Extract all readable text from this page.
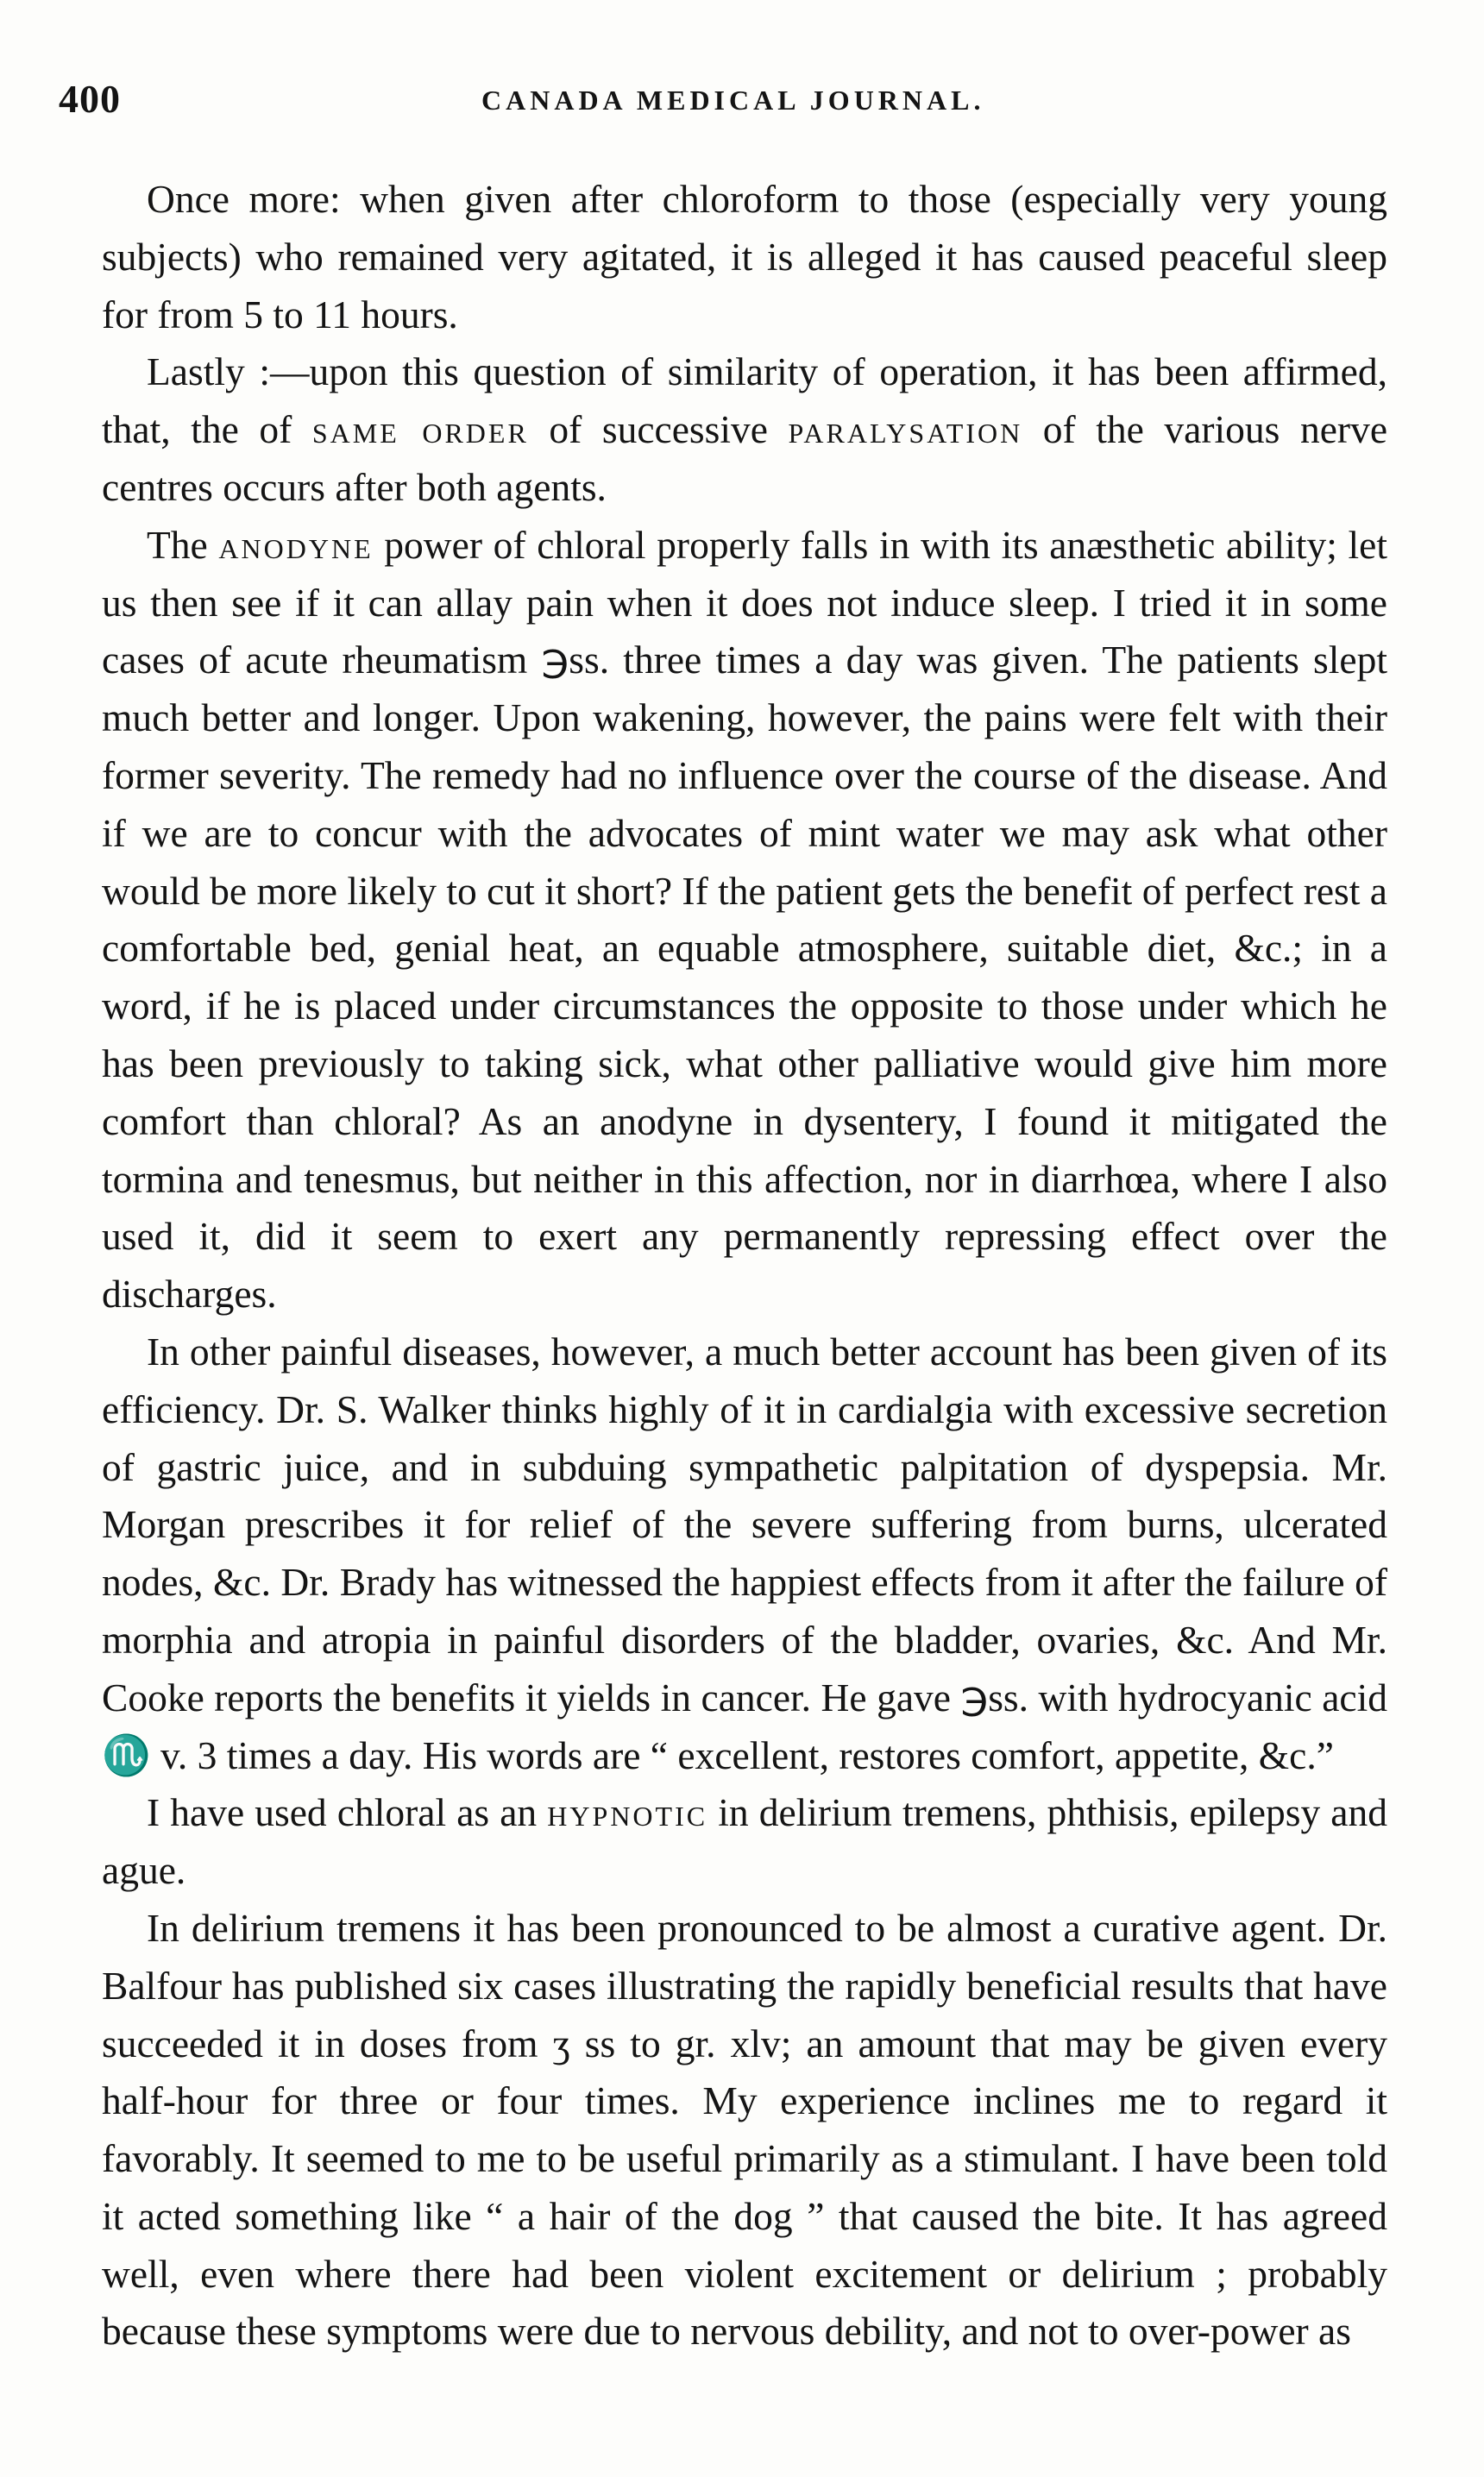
400	CANADA MEDICAL JOURNAL.

Once more: when given after chloroform to those (especially very young subjects) who remained very agitated, it is alleged it has caused peaceful sleep for from 5 to 11 hours.

Lastly :—upon this question of similarity of operation, it has been affirmed, that, the of same order of successive paralysation of the various nerve centres occurs after both agents.

The anodyne power of chloral properly falls in with its anæsthetic ability; let us then see if it can allay pain when it does not induce sleep. I tried it in some cases of acute rheumatism ℈ss. three times a day was given. The patients slept much better and longer. Upon wakening, however, the pains were felt with their former severity. The remedy had no influence over the course of the disease. And if we are to concur with the advocates of mint water we may ask what other would be more likely to cut it short? If the patient gets the benefit of perfect rest a comfortable bed, genial heat, an equable atmosphere, suitable diet, &c.; in a word, if he is placed under circumstances the opposite to those under which he has been previously to taking sick, what other palliative would give him more comfort than chloral? As an anodyne in dysentery, I found it mitigated the tormina and tenesmus, but neither in this affection, nor in diarrhœa, where I also used it, did it seem to exert any permanently repressing effect over the discharges.

In other painful diseases, however, a much better account has been given of its efficiency. Dr. S. Walker thinks highly of it in cardialgia with excessive secretion of gastric juice, and in subduing sympathetic palpitation of dyspepsia. Mr. Morgan prescribes it for relief of the severe suffering from burns, ulcerated nodes, &c. Dr. Brady has witnessed the happiest effects from it after the failure of morphia and atropia in painful disorders of the bladder, ovaries, &c. And Mr. Cooke reports the benefits it yields in cancer. He gave ℈ss. with hydrocyanic acid ♏ v. 3 times a day. His words are “ excellent, restores comfort, appetite, &c.”

I have used chloral as an hypnotic in delirium tremens, phthisis, epilepsy and ague.

In delirium tremens it has been pronounced to be almost a curative agent. Dr. Balfour has published six cases illustrating the rapidly beneficial results that have succeeded it in doses from ʒ ss to gr. xlv; an amount that may be given every half-hour for three or four times. My experience inclines me to regard it favorably. It seemed to me to be useful primarily as a stimulant. I have been told it acted something like “ a hair of the dog ” that caused the bite. It has agreed well, even where there had been violent excitement or delirium ; probably because these symptoms were due to nervous debility, and not to over-power as
